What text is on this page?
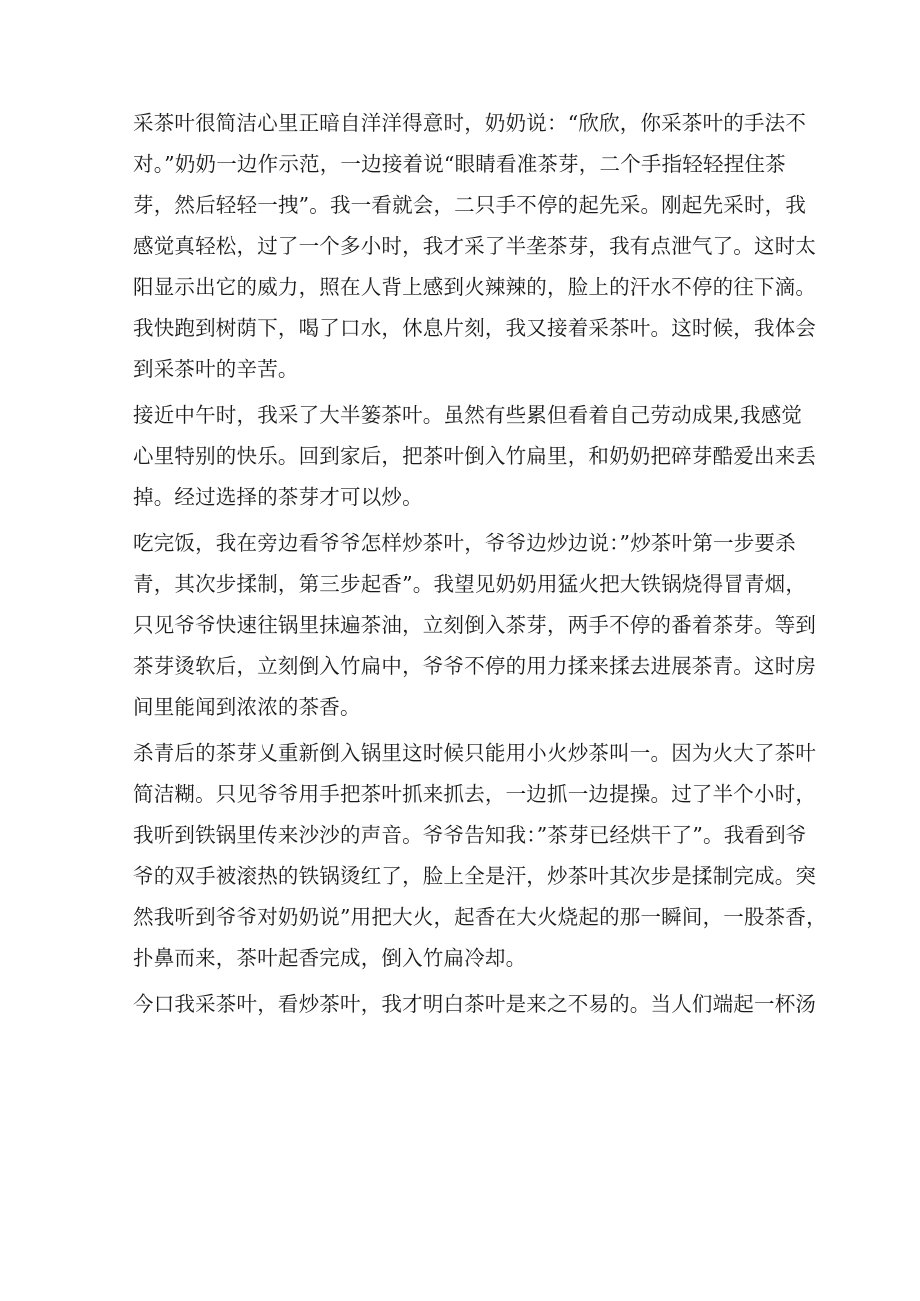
采茶叶很简洁心里正暗自洋洋得意时，奶奶说：“欣欣，你采茶叶的手法不
对。”奶奶一边作示范，一边接着说“眼睛看准茶芽，二个手指轻轻捏住茶
芽，然后轻轻一拽”。我一看就会，二只手不停的起先采。刚起先采时，我
感觉真轻松，过了一个多小时，我才采了半垄茶芽，我有点泄气了。这时太
阳显示出它的威力，照在人背上感到火辣辣的，脸上的汗水不停的往下滴。
我快跑到树荫下，喝了口水，休息片刻，我又接着采茶叶。这时候，我体会
到采茶叶的辛苦。

接近中午时，我采了大半篓茶叶。虽然有些累但看着自己劳动成果,我感觉
心里特别的快乐。回到家后，把茶叶倒入竹扁里，和奶奶把碎芽酷爱出来丢
掉。经过选择的茶芽才可以炒。

吃完饭，我在旁边看爷爷怎样炒茶叶，爷爷边炒边说：”炒茶叶第一步要杀
青，其次步揉制，第三步起香”。我望见奶奶用猛火把大铁锅烧得冒青烟，
只见爷爷快速往锅里抹遍茶油，立刻倒入茶芽，两手不停的番着茶芽。等到
茶芽烫软后，立刻倒入竹扁中，爷爷不停的用力揉来揉去进展茶青。这时房
间里能闻到浓浓的茶香。

杀青后的茶芽乂重新倒入锅里这时候只能用小火炒茶叫一。因为火大了茶叶
简洁糊。只见爷爷用手把茶叶抓来抓去，一边抓一边提操。过了半个小时，
我听到铁锅里传来沙沙的声音。爷爷告知我：”茶芽已经烘干了”。我看到爷
爷的双手被滚热的铁锅烫红了，脸上全是汗，炒茶叶其次步是揉制完成。突
然我听到爷爷对奶奶说”用把大火，起香在大火烧起的那一瞬间，一股茶香，
扑鼻而来，茶叶起香完成，倒入竹扁冷却。

今口我采茶叶，看炒茶叶，我才明白茶叶是来之不易的。当人们端起一杯汤
